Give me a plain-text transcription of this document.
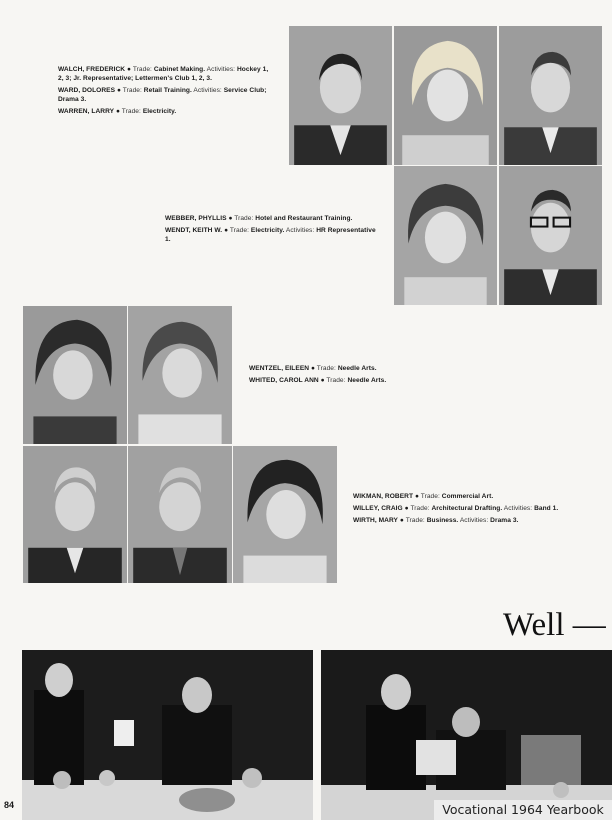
WALCH, FREDERICK ● Trade: Cabinet Making. Activities: Hockey 1, 2, 3; Jr. Representative; Lettermen's Club 1, 2, 3.

WARD, DOLORES ● Trade: Retail Training. Activities: Service Club; Drama 3.

WARREN, LARRY ● Trade: Electricity.

WEBBER, PHYLLIS ● Trade: Hotel and Restaurant Training.

WENDT, KEITH W. ● Trade: Electricity. Activities: HR Representative 1.

WENTZEL, EILEEN ● Trade: Needle Arts.

WHITED, CAROL ANN ● Trade: Needle Arts.

WIKMAN, ROBERT ● Trade: Commercial Art.

WILLEY, CRAIG ● Trade: Architectural Drafting. Activities: Band 1.

WIRTH, MARY ● Trade: Business. Activities: Drama 3.

Well —
84	Vocational 1964 Yearbook
